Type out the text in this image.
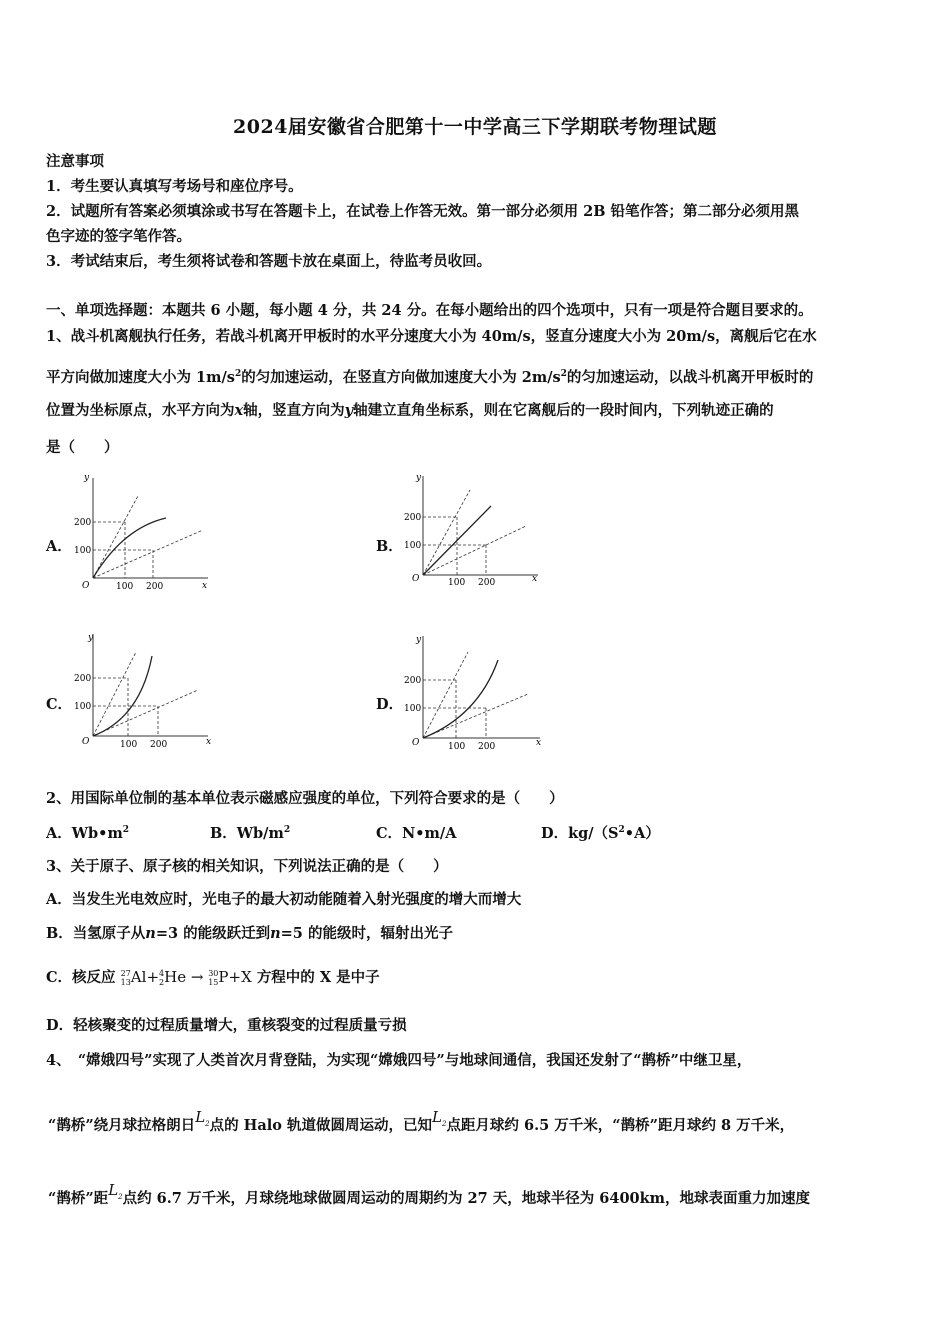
2024届安徽省合肥第十一中学高三下学期联考物理试题
注意事项
1．考生要认真填写考场号和座位序号。
2．试题所有答案必须填涂或书写在答题卡上，在试卷上作答无效。第一部分必须用 2B 铅笔作答；第二部分必须用黑
色字迹的签字笔作答。
3．考试结束后，考生须将试卷和答题卡放在桌面上，待监考员收回。
一、单项选择题：本题共 6 小题，每小题 4 分，共 24 分。在每小题给出的四个选项中，只有一项是符合题目要求的。
1、战斗机离舰执行任务，若战斗机离开甲板时的水平分速度大小为 40m/s，竖直分速度大小为 20m/s，离舰后它在水
平方向做加速度大小为 $1m/s^2$的匀加速运动，在竖直方向做加速度大小为 $2m/s^2$的匀加速运动，以战斗机离开甲板时的
位置为坐标原点，水平方向为x轴，竖直方向为y轴建立直角坐标系，则在它离舰后的一段时间内，下列轨迹正确的
是（　　）
A．	B．
C．	D．
y
x
O
200
100
100 200
y
x
O
200
100
100 200
y
x
O
200
100
100 200
y
x
O
200
100
100 200
2、用国际单位制的基本单位表示磁感应强度的单位，下列符合要求的是（　　）
A．$Wb•m^2$	B．$Wb/m^2$	C．N•m/A	D．$kg/(S^2•A)$
3、关于原子、原子核的相关知识，下列说法正确的是（　　）
A．当发生光电效应时，光电子的最大初动能随着入射光强度的增大而增大
B．当氢原子从n=3 的能级跃迁到n=5 的能级时，辐射出光子
C．核反应 27
13Al+4
2He → 30
15P+X 方程中的 X 是中子
D．轻核聚变的过程质量增大，重核裂变的过程质量亏损
4、　“嫦娥四号”实现了人类首次月背登陆，为实现“嫦娥四号”与地球间通信，我国还发射了“鹊桥”中继卫星，
“鹊桥”绕月球拉格朗日$L_2$点的 Halo 轨道做圆周运动，已知$L_2$点距月球约 6.5 万千米，“鹊桥”距月球约 8 万千米，
“鹊桥”距$L_2$点约 6.7 万千米，月球绕地球做圆周运动的周期约为 27 天，地球半径为 6400km，地球表面重力加速度
